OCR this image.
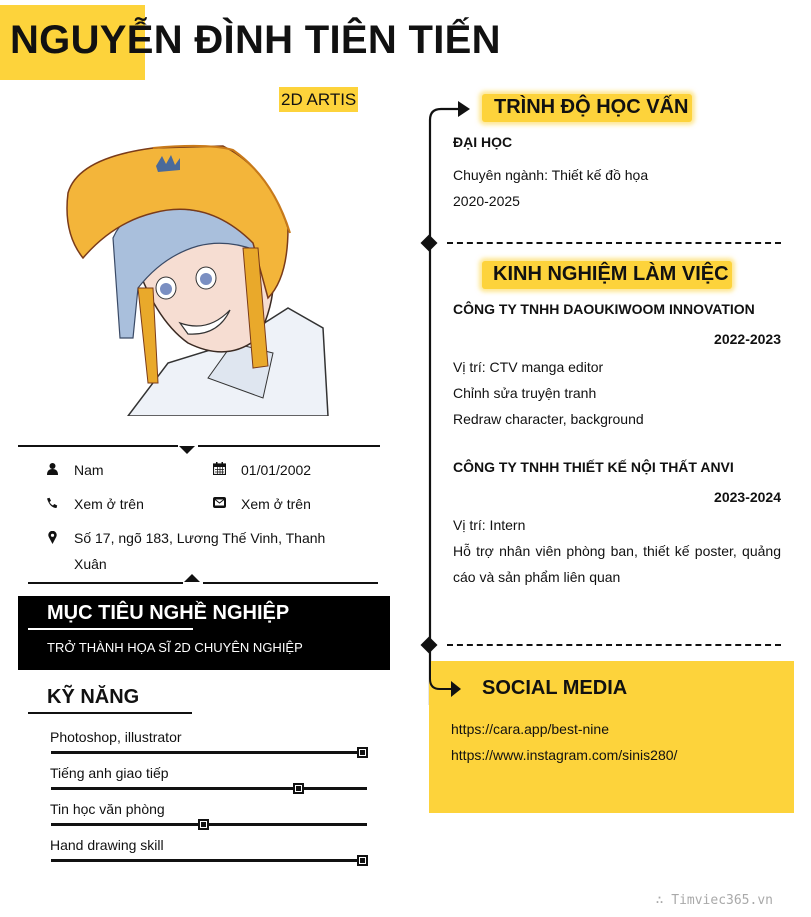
NGUYỄN ĐÌNH TIÊN TIẾN
2D ARTIS
Nam	01/01/2002
Xem ở trên	Xem ở trên
Số 17, ngõ 183, Lương Thế Vinh, Thanh Xuân
MỤC TIÊU NGHỀ NGHIỆP

TRỞ THÀNH HỌA SĨ 2D CHUYÊN NGHIỆP

KỸ NĂNG
Photoshop, illustrator
Tiếng anh giao tiếp
Tin học văn phòng
Hand drawing skill
TRÌNH ĐỘ HỌC VẤN
ĐẠI HỌC
Chuyên ngành: Thiết kế đồ họa
2020-2025
KINH NGHIỆM LÀM VIỆC
CÔNG TY TNHH DAOUKIWOOM INNOVATION
2022-2023
Vị trí: CTV manga editor
Chỉnh sửa truyện tranh
Redraw character, background
CÔNG TY TNHH THIẾT KẾ NỘI THẤT ANVI
2023-2024
Vị trí: Intern
Hỗ trợ nhân viên phòng ban, thiết kế poster, quảng cáo và sản phẩm liên quan
SOCIAL MEDIA
https://cara.app/best-nine
https://www.instagram.com/sinis280/
∴ Timviec365.vn
